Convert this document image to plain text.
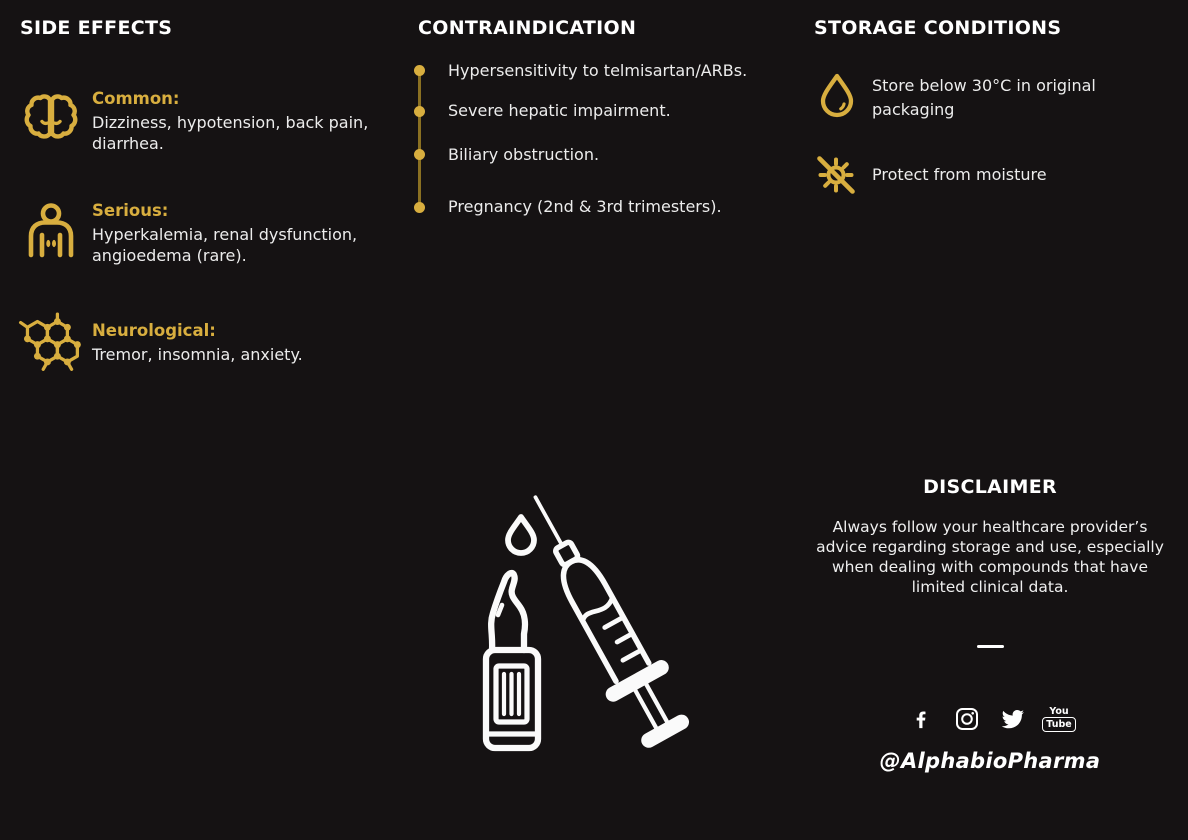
SIDE EFFECTS
Common:

Dizziness, hypotension, back pain, diarrhea.

Serious:

Hyperkalemia, renal dysfunction, angioedema (rare).

Neurological:

Tremor, insomnia, anxiety.

CONTRAINDICATION

Hypersensitivity to telmisartan/ARBs.

Severe hepatic impairment.

Biliary obstruction.

Pregnancy (2nd & 3rd trimesters).

STORAGE CONDITIONS

Store below 30°C in original packaging

Protect from moisture

DISCLAIMER

Always follow your healthcare provider’s advice regarding storage and use, especially when dealing with compounds that have limited clinical data.

You
Tube
@AlphabioPharma
